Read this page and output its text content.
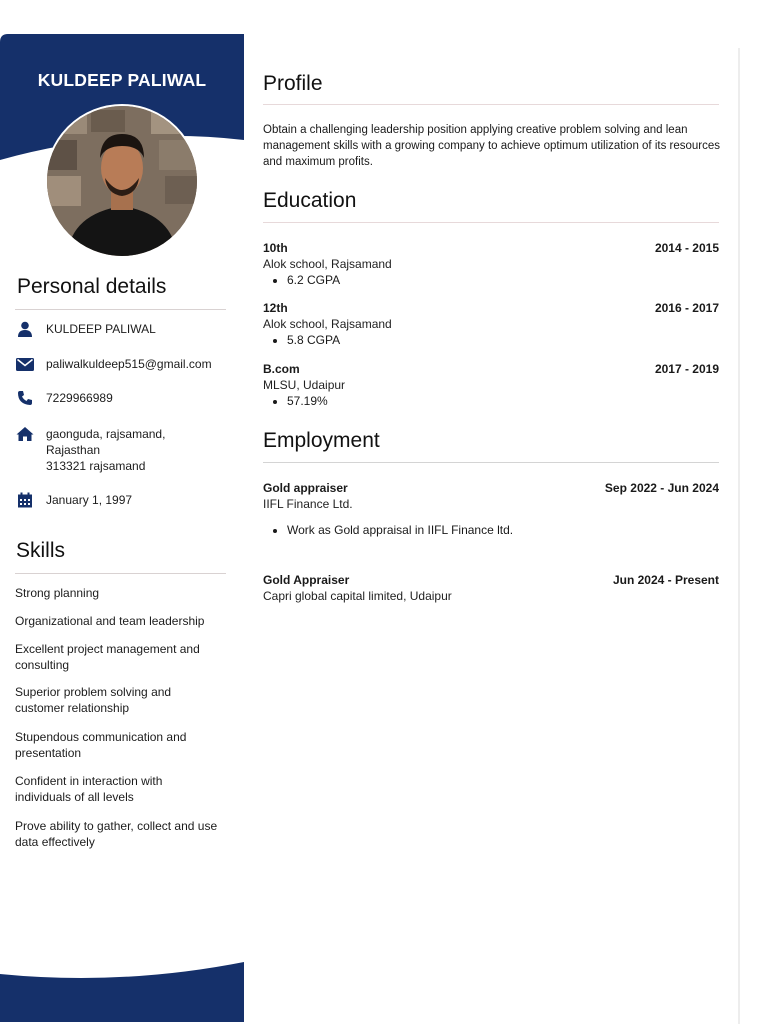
KULDEEP PALIWAL
Personal details
KULDEEP PALIWAL
paliwalkuldeep515@gmail.com
7229966989
gaonguda, rajsamand,
Rajasthan
313321 rajsamand
January 1, 1997
Skills
Strong planning
Organizational and team leadership
Excellent project management and consulting
Superior problem solving and customer relationship
Stupendous communication and presentation
Confident in interaction with individuals of all levels
Prove ability to gather, collect and use data effectively
Profile
Obtain a challenging leadership position applying creative problem solving and lean management skills with a growing company to achieve optimum utilization of its resources and maximum profits.
Education
10th	2014 - 2015
Alok school, Rajsamand
• 6.2 CGPA
12th	2016 - 2017
Alok school, Rajsamand
• 5.8 CGPA
B.com	2017 - 2019
MLSU, Udaipur
• 57.19%
Employment
Gold appraiser	Sep 2022 - Jun 2024
IIFL Finance Ltd.
• Work as Gold appraisal in IIFL Finance ltd.
Gold Appraiser	Jun 2024 - Present
Capri global capital limited, Udaipur
